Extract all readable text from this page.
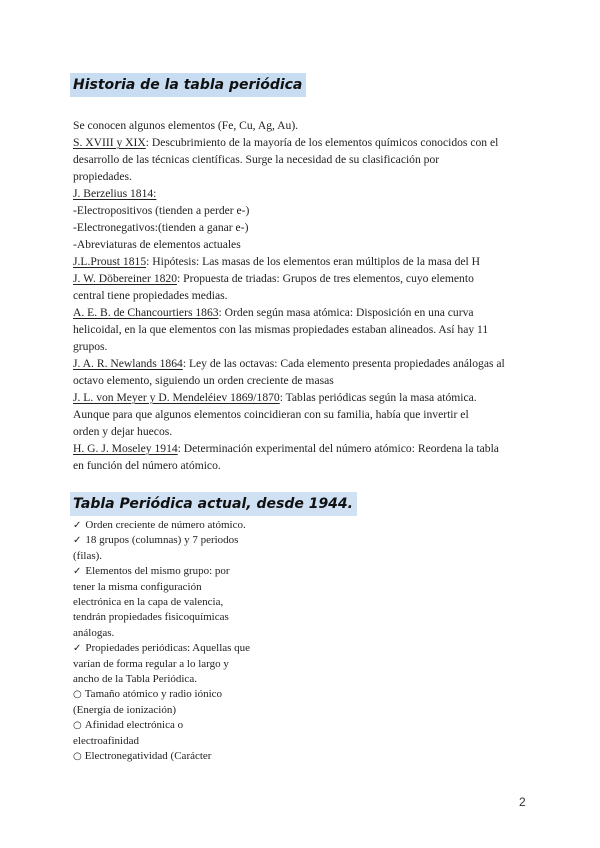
Historia de la tabla periódica
Se conocen algunos elementos (Fe, Cu, Ag, Au).
S. XVIII y XIX: Descubrimiento de la mayoría de los elementos químicos conocidos con el
desarrollo de las técnicas científicas. Surge la necesidad de su clasificación por
propiedades.
J. Berzelius 1814:
-Electropositivos (tienden a perder e-)
-Electronegativos:(tienden a ganar e-)
-Abreviaturas de elementos actuales
J.L.Proust 1815: Hipótesis: Las masas de los elementos eran múltiplos de la masa del H
J. W. Döbereiner 1820: Propuesta de triadas: Grupos de tres elementos, cuyo elemento
central tiene propiedades medias.
A. E. B. de Chancourtiers 1863: Orden según masa atómica: Disposición en una curva
helicoidal, en la que elementos con las mismas propiedades estaban alineados. Así hay 11
grupos.
J. A. R. Newlands 1864: Ley de las octavas: Cada elemento presenta propiedades análogas al
octavo elemento, siguiendo un orden creciente de masas
J. L. von Meyer y D. Mendeléiev 1869/1870: Tablas periódicas según la masa atómica.
Aunque para que algunos elementos coincidieran con su familia, había que invertir el
orden y dejar huecos.
H. G. J. Moseley 1914: Determinación experimental del número atómico: Reordena la tabla
en función del número atómico.
Tabla Periódica actual, desde 1944.
✓ Orden creciente de número atómico.
✓ 18 grupos (columnas) y 7 periodos
(filas).
✓ Elementos del mismo grupo: por
tener la misma configuración
electrónica en la capa de valencia,
tendrán propiedades fisicoquímicas
análogas.
✓ Propiedades periódicas: Aquellas que
varían de forma regular a lo largo y
ancho de la Tabla Periódica.
○ Tamaño atómico y radio iónico
(Energía de ionización)
○ Afinidad electrónica o
electroafinidad
○ Electronegatividad (Carácter
2
